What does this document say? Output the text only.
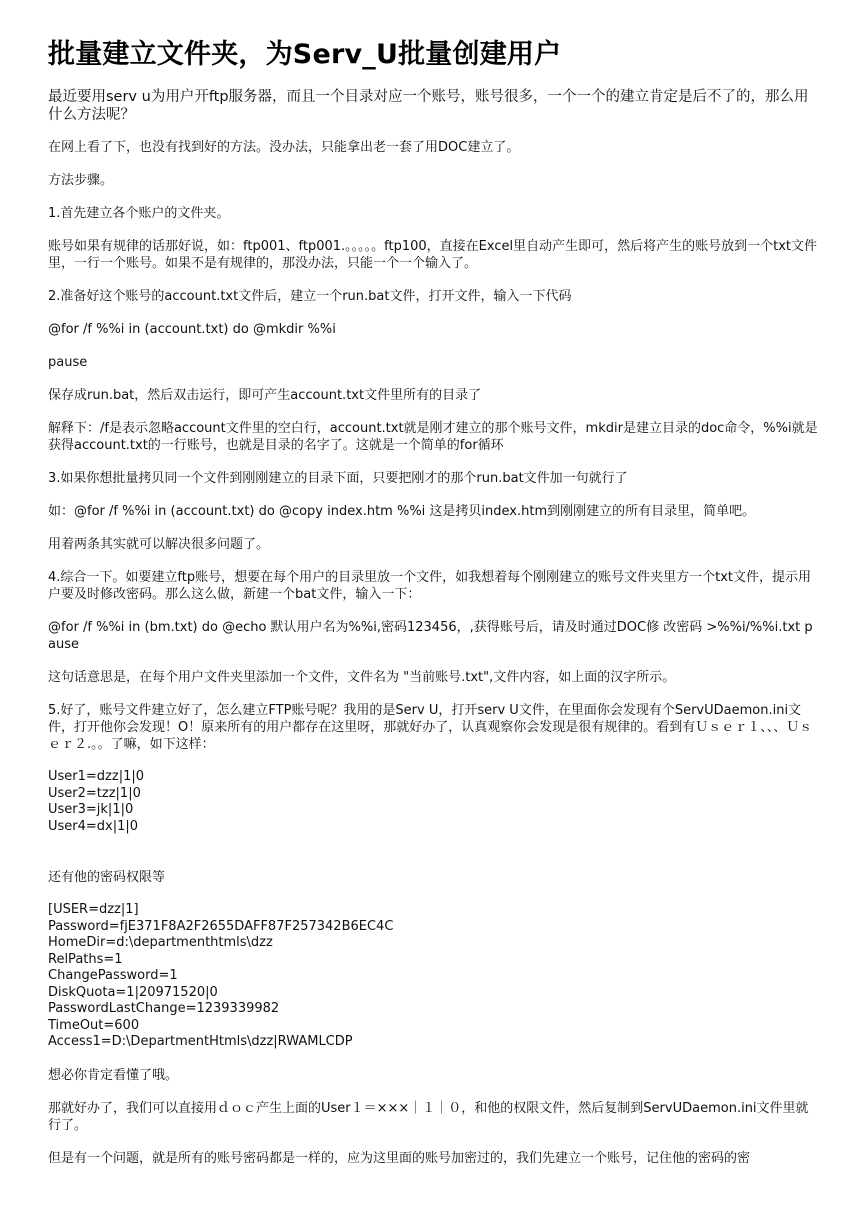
批量建立文件夹，为Serv_U批量创建用户

最近要用serv u为用户开ftp服务器，而且一个目录对应一个账号，账号很多，一个一个的建立肯定是后不了的，那么用什么方法呢？

在网上看了下，也没有找到好的方法。没办法，只能拿出老一套了用DOC建立了。

方法步骤。

1.首先建立各个账户的文件夹。

账号如果有规律的话那好说，如：ftp001、ftp001.。。。。。ftp100，直接在Excel里自动产生即可，然后将产生的账号放到一个txt文件里，一行一个账号。如果不是有规律的，那没办法，只能一个一个输入了。

2.准备好这个账号的account.txt文件后，建立一个run.bat文件，打开文件，输入一下代码

@for /f %%i in (account.txt) do @mkdir %%i

pause

保存成run.bat，然后双击运行，即可产生account.txt文件里所有的目录了

解释下：/f是表示忽略account文件里的空白行，account.txt就是刚才建立的那个账号文件，mkdir是建立目录的doc命令，%%i就是获得account.txt的一行账号，也就是目录的名字了。这就是一个简单的for循环

3.如果你想批量拷贝同一个文件到刚刚建立的目录下面，只要把刚才的那个run.bat文件加一句就行了

如：@for /f %%i in (account.txt) do @copy index.htm %%i 这是拷贝index.htm到刚刚建立的所有目录里，简单吧。

用着两条其实就可以解决很多问题了。

4.综合一下。如要建立ftp账号，想要在每个用户的目录里放一个文件，如我想着每个刚刚建立的账号文件夹里方一个txt文件，提示用户要及时修改密码。那么这么做，新建一个bat文件，输入一下：

@for /f %%i in (bm.txt) do @echo 默认用户名为%%i,密码123456，,获得账号后，请及时通过DOC修 改密码 >%%i/%%i.txt pause

这句话意思是，在每个用户文件夹里添加一个文件，文件名为 "当前账号.txt",文件内容，如上面的汉字所示。

5.好了，账号文件建立好了，怎么建立FTP账号呢？我用的是Serv U，打开serv U文件，在里面你会发现有个ServUDaemon.ini文件，打开他你会发现！O！原来所有的用户都存在这里呀，那就好办了，认真观察你会发现是很有规律的。看到有Ｕｓｅｒ１、、、Ｕｓｅｒ２.。。了嘛，如下这样：

User1=dzz|1|0

User2=tzz|1|0

User3=jk|1|0

User4=dx|1|0

还有他的密码权限等

[USER=dzz|1]

Password=fjE371F8A2F2655DAFF87F257342B6EC4C

HomeDir=d:\departmenthtmls\dzz

RelPaths=1

ChangePassword=1

DiskQuota=1|20971520|0

PasswordLastChange=1239339982

TimeOut=600

Access1=D:\DepartmentHtmls\dzz|RWAMLCDP

想必你肯定看懂了哦。

那就好办了，我们可以直接用ｄｏｃ产生上面的User１＝×××｜１｜０，和他的权限文件，然后复制到ServUDaemon.ini文件里就行了。

但是有一个问题，就是所有的账号密码都是一样的，应为这里面的账号加密过的，我们先建立一个账号，记住他的密码的密
